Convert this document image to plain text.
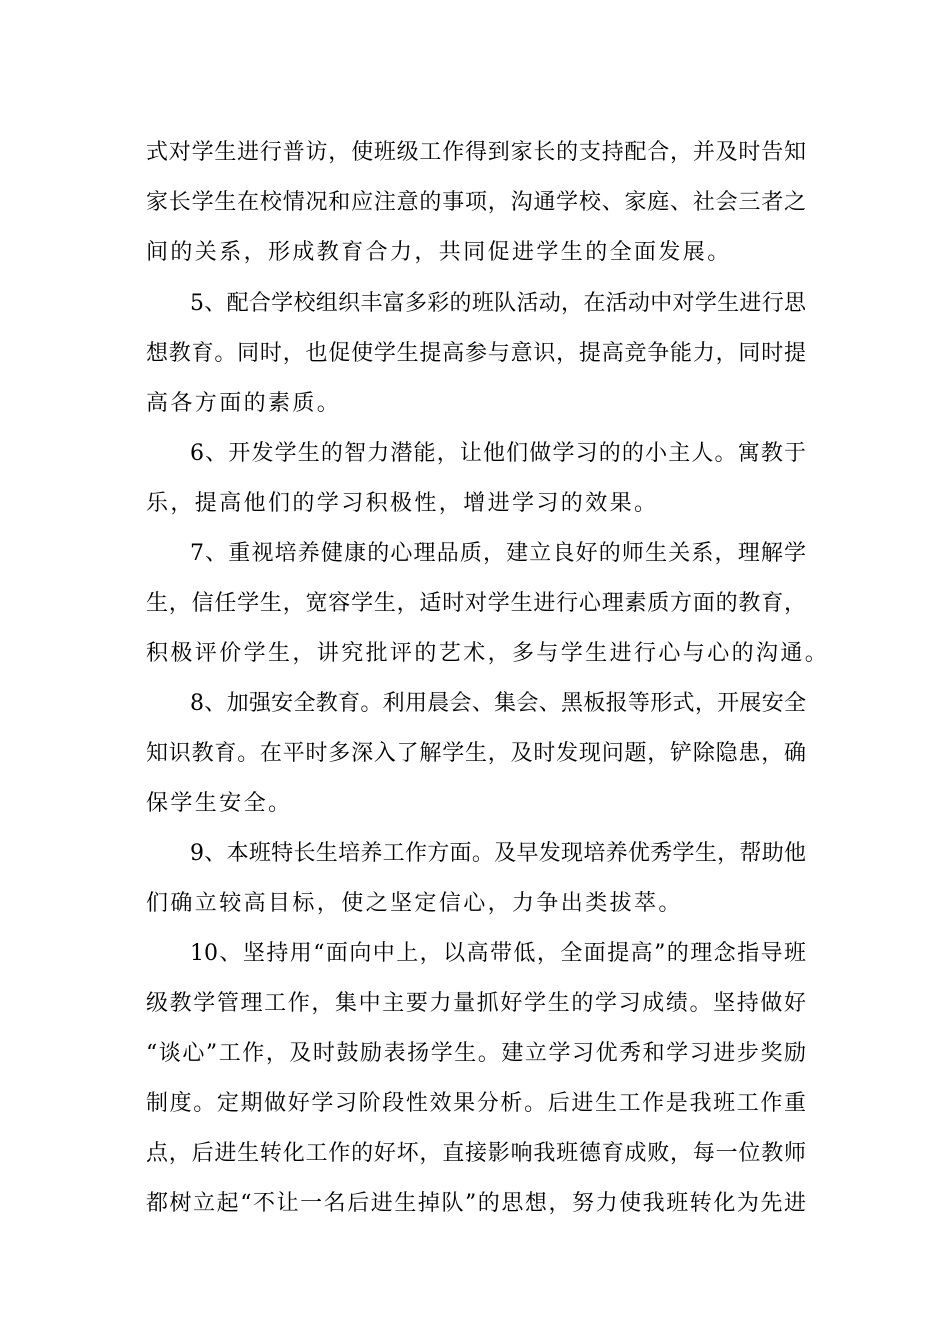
式对学生进行普访，使班级工作得到家长的支持配合，并及时告知
家长学生在校情况和应注意的事项，沟通学校、家庭、社会三者之
间的关系，形成教育合力，共同促进学生的全面发展。
5、配合学校组织丰富多彩的班队活动，在活动中对学生进行思
想教育。同时，也促使学生提高参与意识，提高竞争能力，同时提
高各方面的素质。
6、开发学生的智力潜能，让他们做学习的的小主人。寓教于
乐，提高他们的学习积极性，增进学习的效果。
7、重视培养健康的心理品质，建立良好的师生关系，理解学
生，信任学生，宽容学生，适时对学生进行心理素质方面的教育，
积极评价学生，讲究批评的艺术，多与学生进行心与心的沟通。
8、加强安全教育。利用晨会、集会、黑板报等形式，开展安全
知识教育。在平时多深入了解学生，及时发现问题，铲除隐患，确
保学生安全。
9、本班特长生培养工作方面。及早发现培养优秀学生，帮助他
们确立较高目标，使之坚定信心，力争出类拔萃。
10、坚持用“面向中上，以高带低，全面提高”的理念指导班
级教学管理工作，集中主要力量抓好学生的学习成绩。坚持做好
“谈心”工作，及时鼓励表扬学生。建立学习优秀和学习进步奖励
制度。定期做好学习阶段性效果分析。后进生工作是我班工作重
点，后进生转化工作的好坏，直接影响我班德育成败，每一位教师
都树立起“不让一名后进生掉队”的思想，努力使我班转化为先进
